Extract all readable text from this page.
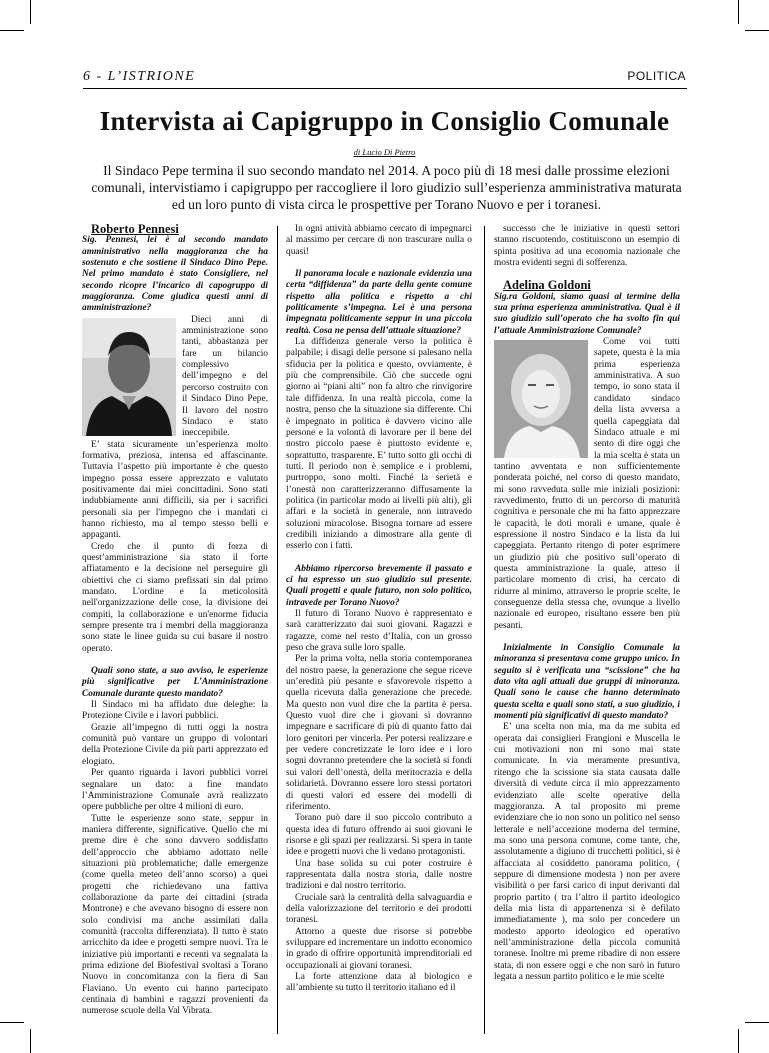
6 - L’ISTRIONE	POLITICA
Intervista ai Capigruppo in Consiglio Comunale
di Lucio Di Pietro
Il Sindaco Pepe termina il suo secondo mandato nel 2014. A poco più di 18 mesi dalle prossime elezioni comunali, intervistiamo i capigruppo per raccogliere il loro giudizio sull’esperienza amministrativa maturata ed un loro punto di vista circa le prospettive per Torano Nuovo e per i toranesi.

Roberto Pennesi

Sig. Pennesi, lei è al secondo mandato amministrativo nella maggioranza che ha sostenuto e che sostiene il Sindaco Dino Pepe. Nel primo mandato è stato Consigliere, nel secondo ricopre l’incarico di capogruppo di maggioranza. Come giudica questi anni di amministrazione?

Dieci anni di amministrazione sono tanti, abbastanza per fare un bilancio complessivo dell’impegno e del percorso costruito con il Sindaco Dino Pepe. Il lavoro del nostro Sindaco e stato ineccepibile.

E’ stata sicuramente un’esperienza molto formativa, preziosa, intensa ed affascinante. Tuttavia l’aspetto più importante è che questo impegno possa essere apprezzato e valutato positivamente dai miei concittadini. Sono stati indubbiamente anni difficili, sia per i sacrifici personali sia per l'impegno che i mandati ci hanno richiesto, ma al tempo stesso belli e appaganti.

Credo che il punto di forza di quest’amministrazione sia stato il forte affiatamento e la decisione nel perseguire gli obiettivi che ci siamo prefissati sin dal primo mandato. L'ordine e la meticolosità nell'organizzazione delle cose, la divisione dei compiti, la collaborazione e un'enorme fiducia sempre presente tra i membri della maggioranza sono state le linee guida su cui basare il nostro operato.

Quali sono state, a suo avviso, le esperienze più significative per L’Amministrazione Comunale durante questo mandato?

Il Sindaco mi ha affidato due deleghe: la Protezione Civile e i lavori pubblici.

Grazie all’impegno di tutti oggi la nostra comunità può vantare un gruppo di volontari della Protezione Civile da più parti apprezzato ed elogiato.

Per quanto riguarda i lavori pubblici vorrei segnalare un dato: a fine mandato l’Amministrazione Comunale avrà realizzato opere pubbliche per oltre 4 milioni di euro.

Tutte le esperienze sono state, seppur in maniera differente, significative. Quello che mi preme dire è che sono davvero soddisfatto dell’approccio che abbiamo adottato nelle situazioni più problematiche; dalle emergenze (come quella meteo dell’anno scorso) a quei progetti che richiedevano una fattiva collaborazione da parte dei cittadini (strada Montrone) e che avevano bisogno di essere non solo condivisi ma anche assimilati dalla comunità (raccolta differenziata). Il tutto è stato arricchito da idee e progetti sempre nuovi. Tra le iniziative più importanti e recenti va segnalata la prima edizione del Biofestival svoltasi a Torano Nuovo in concomitanza con la fiera di San Flaviano. Un evento cui hanno partecipato centinaia di bambini e ragazzi provenienti da numerose scuole della Val Vibrata.

In ogni attività abbiamo cercato di impegnarci al massimo per cercare di non trascurare nulla o quasi!

Il panorama locale e nazionale evidenzia una certa “diffidenza” da parte della gente comune rispetto alla politica e rispetto a chi politicamente s’impegna. Lei è una persona impegnata politicamente seppur in una piccola realtà. Cosa ne pensa dell’attuale situazione?

La diffidenza generale verso la politica è palpabile; i disagi delle persone si palesano nella sfiducia per la politica e questo, ovviamente, è più che comprensibile. Ciò che succede ogni giorno ai “piani alti” non fa altro che rinvigorire tale diffidenza. In una realtà piccola, come la nostra, penso che la situazione sia differente. Chi è impegnato in politica è davvero vicino alle persone e la volontà di lavorare per il bene del nostro piccolo paese è piuttosto evidente e, soprattutto, trasparente. E’ tutto sotto gli occhi di tutti. Il periodo non è semplice e i problemi, purtroppo, sono molti. Finché la serietà e l’onestà non caratterizzeranno diffusamente la politica (in particolar modo ai livelli più alti), gli affari e la società in generale, non intravedo soluzioni miracolose. Bisogna tornare ad essere credibili iniziando a dimostrare alla gente di esserlo con i fatti.

Abbiamo ripercorso brevemente il passato e ci ha espresso un suo giudizio sul presente. Quali progetti e quale futuro, non solo politico, intravede per Torano Nuovo?

Il futuro di Torano Nuovo è rappresentato e sarà caratterizzato dai suoi giovani. Ragazzi e ragazze, come nel resto d’Italia, con un grosso peso che grava sulle loro spalle.

Per la prima volta, nella storia contemporanea del nostro paese, la generazione che segue riceve un’eredità più pesante e sfavorevole rispetto a quella ricevuta dalla generazione che precede. Ma questo non vuol dire che la partita è persa. Questo vuol dire che i giovani si dovranno impegnare e sacrificare di più di quanto fatto dai loro genitori per vincerla. Per potersi realizzare e per vedere concretizzate le loro idee e i loro sogni dovranno pretendere che la società si fondi sui valori dell’onestà, della meritocrazia e della solidarietà. Dovranno essere loro stessi portatori di questi valori ed essere dei modelli di riferimento.

Torano può dare il suo piccolo contributo a questa idea di futuro offrendo ai suoi giovani le risorse e gli spazi per realizzarsi. Si spera in tante idee e progetti nuovi che li vedano protagonisti.

Una base solida su cui poter costruire è rappresentata dalla nostra storia, dalle nostre tradizioni e dal nostro territorio.

Cruciale sarà la centralità della salvaguardia e della valorizzazione del territorio e dei prodotti toranesi.

Attorno a queste due risorse si potrebbe sviluppare ed incrementare un indotto economico in grado di offrire opportunità imprenditoriali ed occupazionali ai giovani toranesi.

La forte attenzione data al biologico e all’ambiente su tutto il territorio italiano ed il

successo che le iniziative in questi settori stanno riscuotendo, costituiscono un esempio di spinta positiva ad una economia nazionale che mostra evidenti segni di sofferenza.

Adelina Goldoni

Sig.ra Goldoni, siamo quasi al termine della sua prima esperienza amministrativa. Qual è il suo giudizio sull’operato che ha svolto fin qui l’attuale Amministrazione Comunale?

Come voi tutti sapete, questa è la mia prima esperienza amministrativa. A suo tempo, io sono stata il candidato sindaco della lista avversa a quella capeggiata dal Sindaco attuale e mi sento di dire oggi che la mia scelta è stata un tantino avventata e non sufficientemente ponderata poiché, nel corso di questo mandato, mi sono ravveduta sulle mie iniziali posizioni: ravvedimento, frutto di un percorso di maturità cognitiva e personale che mi ha fatto apprezzare le capacità, le doti morali e umane, quale è espressione il nostro Sindaco e la lista da lui capeggiata. Pertanto ritengo di poter esprimere un giudizio più che positivo sull’operato di questa amministrazione la quale, atteso il particolare momento di crisi, ha cercato di ridurre al minimo, attraverso le proprie scelte, le conseguenze della stessa che, ovunque a livello nazionale ed europeo, risultano essere ben più pesanti.

Inizialmente in Consiglio Comunale la minoranza si presentava come gruppo unico. In seguito si è verificata una “scissione” che ha dato vita agli attuali due gruppi di minoranza. Quali sono le cause che hanno determinato questa scelta e quali sono stati, a suo giudizio, i momenti più significativi di questo mandato?

E’ una scelta non mia, ma da me subita ed operata dai consiglieri Frangioni e Muscella le cui motivazioni non mi sono mai state comunicate. In via meramente presuntiva, ritengo che la scissione sia stata causata dalle diversità di vedute circa il mio apprezzamento evidenziato alle scelte operative della maggioranza. A tal proposito mi preme evidenziare che io non sono un politico nel senso letterale e nell’accezione moderna del termine, ma sono una persona comune, come tante, che, assolutamente a digiuno di trucchetti politici, si è affacciata al cosiddetto panorama politico, ( seppure di dimensione modesta ) non per avere visibilità o per farsi carico di input derivanti dal proprio partito ( tra l’altro il partito ideologico della mia lista di appartenenza si è defilato immediatamente ), ma solo per concedere un modesto apporto ideologico ed operativo nell’amministrazione della piccola comunità toranese. Inoltre mi preme ribadire di non essere stata, di non essere oggi e che non sarò in futuro legata a nessun partito politico e le mie scelte
